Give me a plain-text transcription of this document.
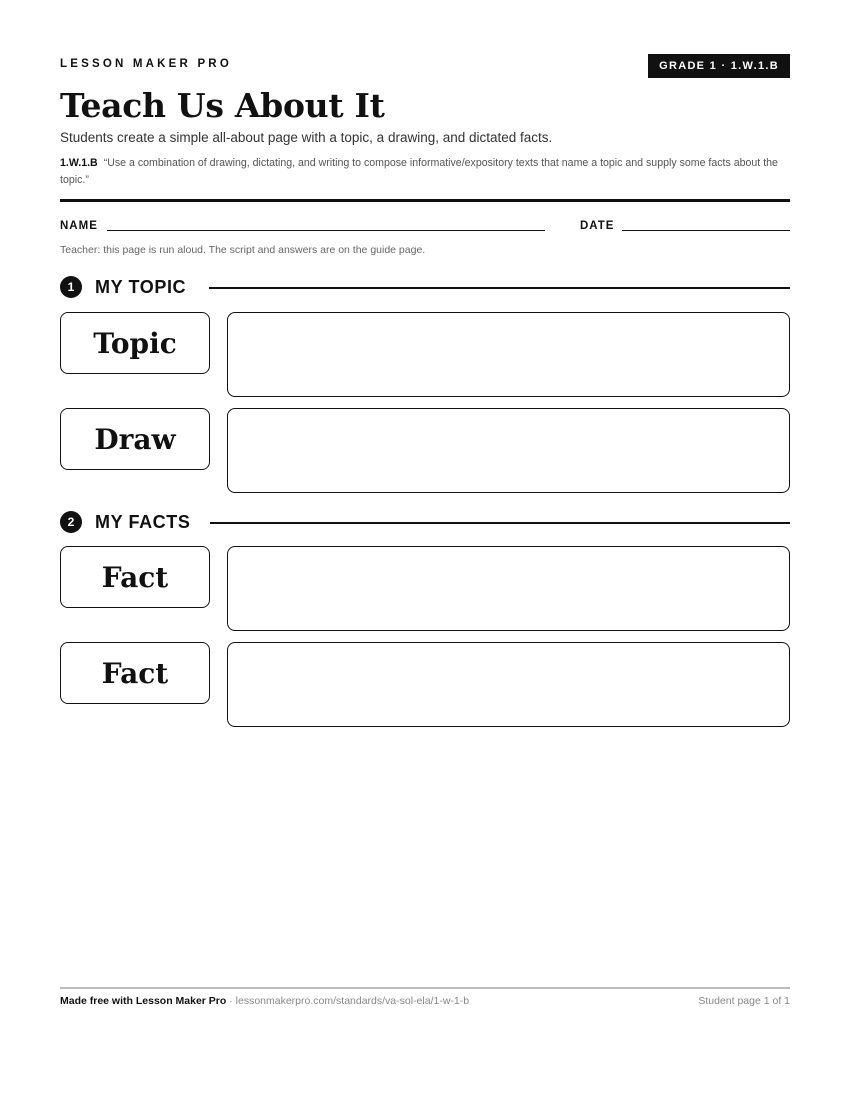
LESSON MAKER PRO	GRADE 1 · 1.W.1.B
Teach Us About It
Students create a simple all-about page with a topic, a drawing, and dictated facts.
1.W.1.B “Use a combination of drawing, dictating, and writing to compose informative/expository texts that name a topic and supply some facts about the topic.”
NAME	DATE
Teacher: this page is run aloud. The script and answers are on the guide page.
1	MY TOPIC
Topic
Draw
2	MY FACTS
Fact
Fact
Made free with Lesson Maker Pro · lessonmakerpro.com/standards/va-sol-ela/1-w-1-b	Student page 1 of 1
